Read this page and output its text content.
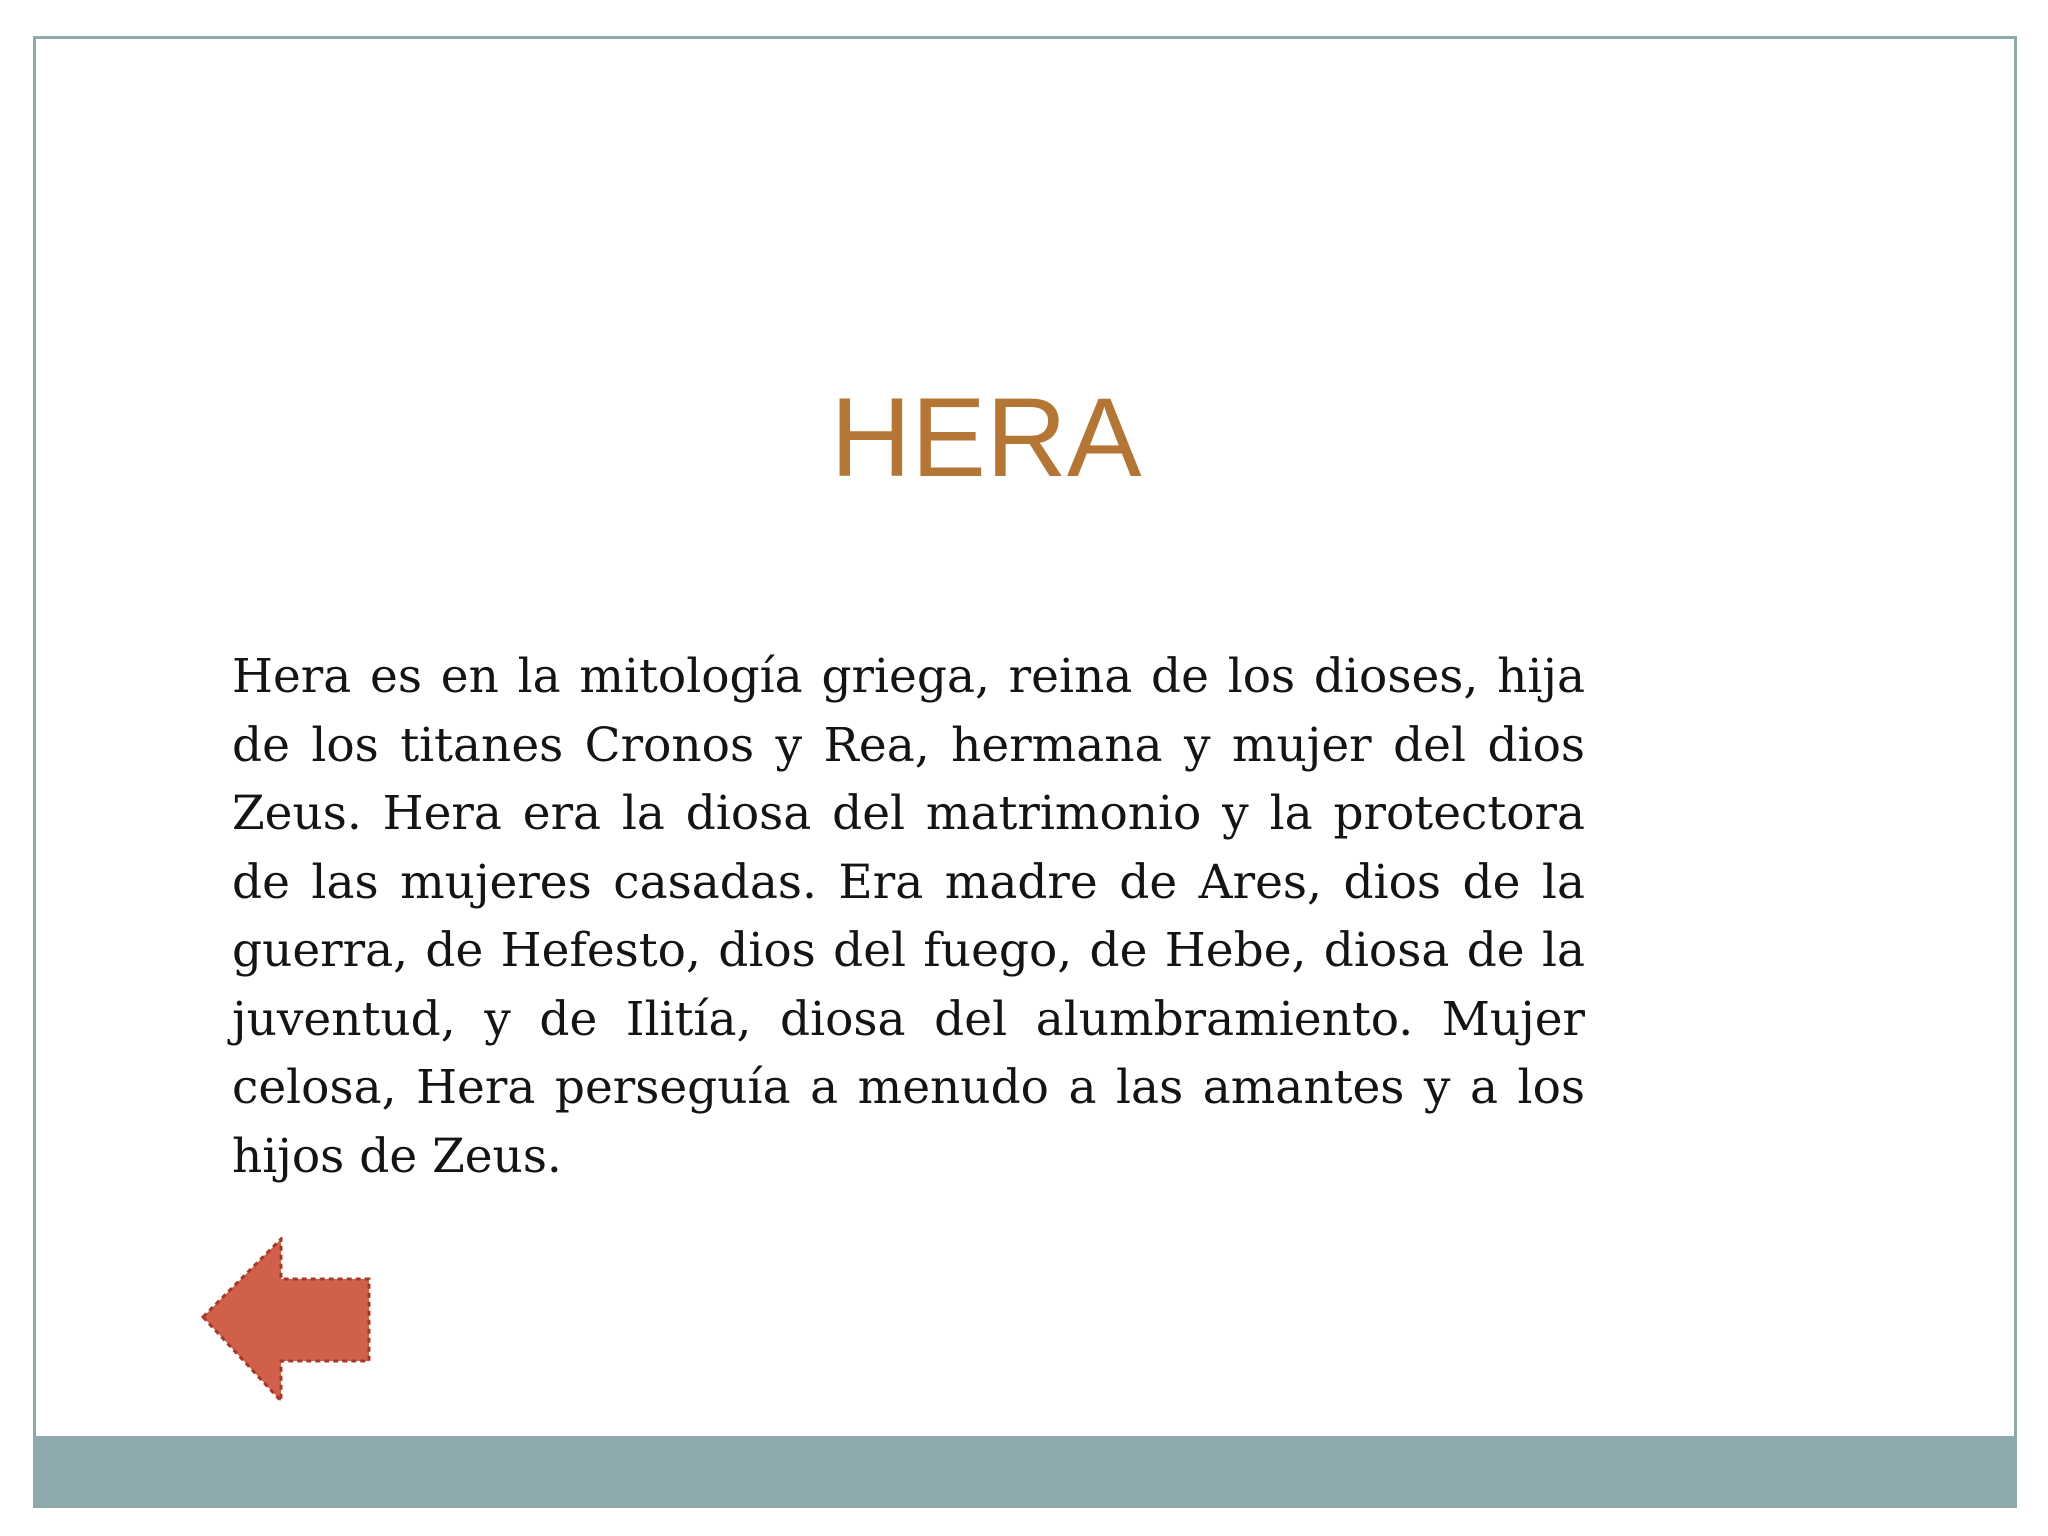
HERA

Hera es en la mitología griega, reina de los dioses, hija de los titanes Cronos y Rea, hermana y mujer del dios Zeus. Hera era la diosa del matrimonio y la protectora de las mujeres casadas. Era madre de Ares, dios de la guerra, de Hefesto, dios del fuego, de Hebe, diosa de la juventud, y de Ilitía, diosa del alumbramiento. Mujer celosa, Hera perseguía a menudo a las amantes y a los hijos de Zeus.
